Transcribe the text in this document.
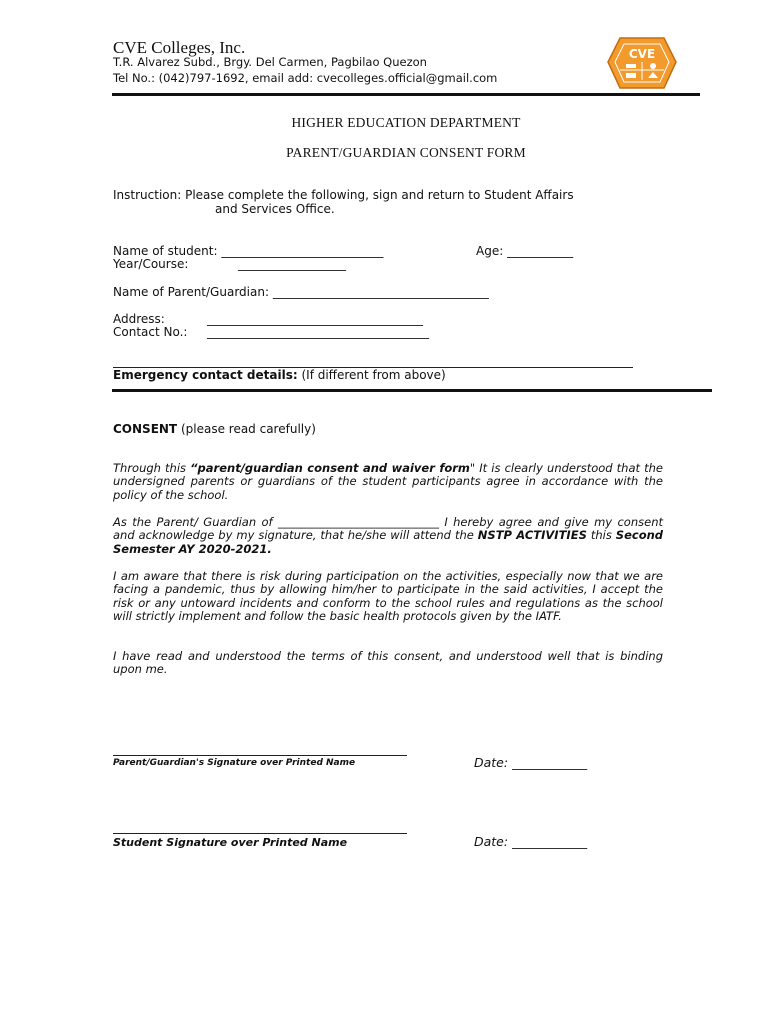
CVE Colleges, Inc.
T.R. Alvarez Subd., Brgy. Del Carmen, Pagbilao Quezon
Tel No.: (042)797-1692, email add: cvecolleges.official@gmail.com
CVE
HIGHER EDUCATION DEPARTMENT
PARENT/GUARDIAN CONSENT FORM
Instruction: Please complete the following, sign and return to Student Affairs
and Services Office.
Name of student: ___________________________	Age: ___________
Year/Course:	__________________
Name of Parent/Guardian: ____________________________________
Address:	____________________________________
Contact No.: _____________________________________
Emergency contact details: (If different from above)
CONSENT (please read carefully)
Through this “parent/guardian consent and waiver form" It is clearly understood that the undersigned parents or guardians of the student participants agree in accordance with the policy of the school.
As the Parent/ Guardian of ____________________________ I hereby agree and give my consent and acknowledge by my signature, that he/she will attend the NSTP ACTIVITIES this Second Semester AY 2020-2021.
I am aware that there is risk during participation on the activities, especially now that we are facing a pandemic, thus by allowing him/her to participate in the said activities, I accept the risk or any untoward incidents and conform to the school rules and regulations as the school will strictly implement and follow the basic health protocols given by the IATF.
I have read and understood the terms of this consent, and understood well that is binding upon me.
Parent/Guardian's Signature over Printed Name	Date: ____________
Student Signature over Printed Name	Date: ____________
